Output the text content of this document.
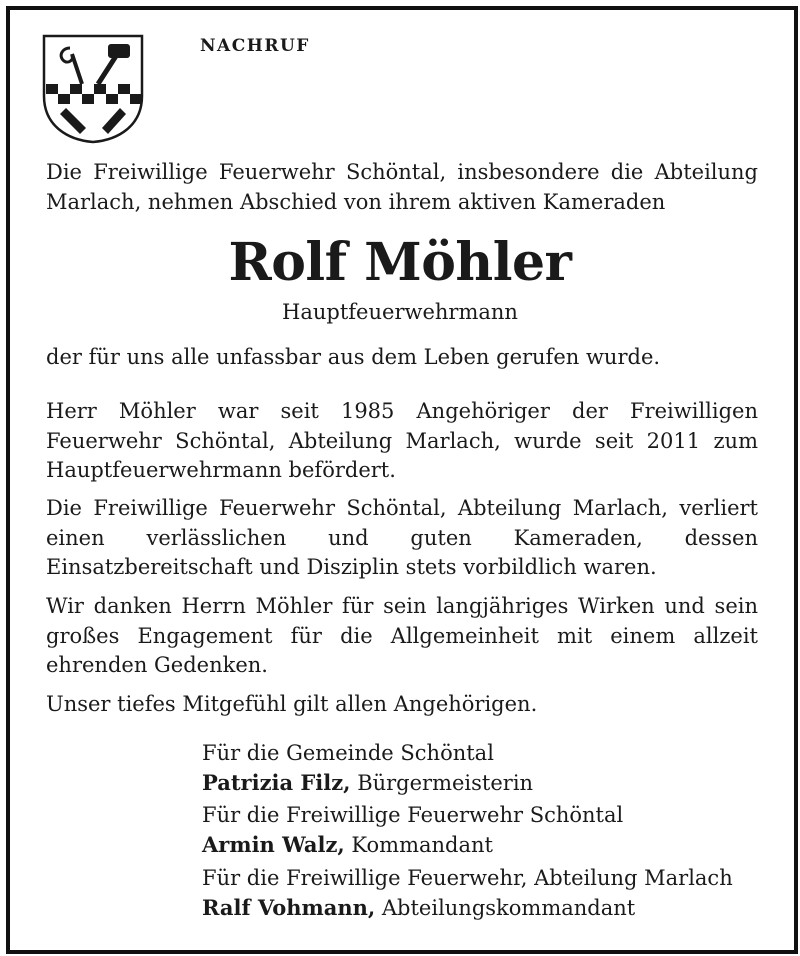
NACHRUF

Die Freiwillige Feuerwehr Schöntal, insbesondere die Abteilung Marlach, nehmen Abschied von ihrem aktiven Kameraden

Rolf Möhler
Hauptfeuerwehrmann

der für uns alle unfassbar aus dem Leben gerufen wurde.

Herr Möhler war seit 1985 Angehöriger der Freiwilligen Feuerwehr Schöntal, Abteilung Marlach, wurde seit 2011 zum Hauptfeuerwehrmann befördert.

Die Freiwillige Feuerwehr Schöntal, Abteilung Marlach, verliert einen verlässlichen und guten Kameraden, dessen Einsatzbereitschaft und Disziplin stets vorbildlich waren.

Wir danken Herrn Möhler für sein langjähriges Wirken und sein großes Engagement für die Allgemeinheit mit einem allzeit ehrenden Gedenken.

Unser tiefes Mitgefühl gilt allen Angehörigen.

Für die Gemeinde Schöntal
Patrizia Filz, Bürgermeisterin
Für die Freiwillige Feuerwehr Schöntal
Armin Walz, Kommandant
Für die Freiwillige Feuerwehr, Abteilung Marlach
Ralf Vohmann, Abteilungskommandant
